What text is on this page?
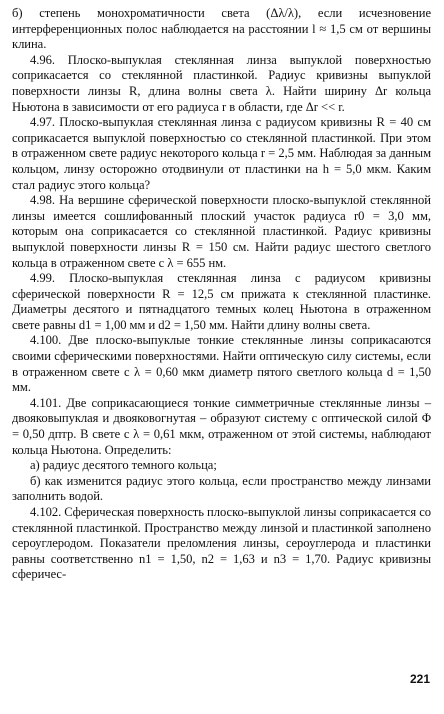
б) степень монохроматичности света (Δλ/λ), если исчезновение интерференционных полос наблюдается на расстоянии l ≈ 1,5 см от вершины клина.

4.96. Плоско-выпуклая стеклянная линза выпуклой поверхностью соприкасается со стеклянной пластинкой. Радиус кривизны выпуклой поверхности линзы R, длина волны света λ. Найти ширину Δr кольца Ньютона в зависимости от его радиуса r в области, где Δr << r.

4.97. Плоско-выпуклая стеклянная линза с радиусом кривизны R = 40 см соприкасается выпуклой поверхностью со стеклянной пластинкой. При этом в отраженном свете радиус некоторого кольца r = 2,5 мм. Наблюдая за данным кольцом, линзу осторожно отодвинули от пластинки на h = 5,0 мкм. Каким стал радиус этого кольца?

4.98. На вершине сферической поверхности плоско-выпуклой стеклянной линзы имеется сошлифованный плоский участок радиуса r0 = 3,0 мм, которым она соприкасается со стеклянной пластинкой. Радиус кривизны выпуклой поверхности линзы R = 150 см. Найти радиус шестого светлого кольца в отраженном свете с λ = 655 нм.

4.99. Плоско-выпуклая стеклянная линза с радиусом кривизны сферической поверхности R = 12,5 см прижата к стеклянной пластинке. Диаметры десятого и пятнадцатого темных колец Ньютона в отраженном свете равны d1 = 1,00 мм и d2 = 1,50 мм. Найти длину волны света.

4.100. Две плоско-выпуклые тонкие стеклянные линзы соприкасаются своими сферическими поверхностями. Найти оптическую силу системы, если в отраженном свете с λ = 0,60 мкм диаметр пятого светлого кольца d = 1,50 мм.

4.101. Две соприкасающиеся тонкие симметричные стеклянные линзы – двояковыпуклая и двояковогнутая – образуют систему с оптической силой Φ = 0,50 дптр. В свете с λ = 0,61 мкм, отраженном от этой системы, наблюдают кольца Ньютона. Определить:

а) радиус десятого темного кольца;

б) как изменится радиус этого кольца, если пространство между линзами заполнить водой.

4.102. Сферическая поверхность плоско-выпуклой линзы соприкасается со стеклянной пластинкой. Пространство между линзой и пластинкой заполнено сероуглеродом. Показатели преломления линзы, сероуглерода и пластинки равны соответственно n1 = 1,50, n2 = 1,63 и n3 = 1,70. Радиус кривизны сферичес-

221
